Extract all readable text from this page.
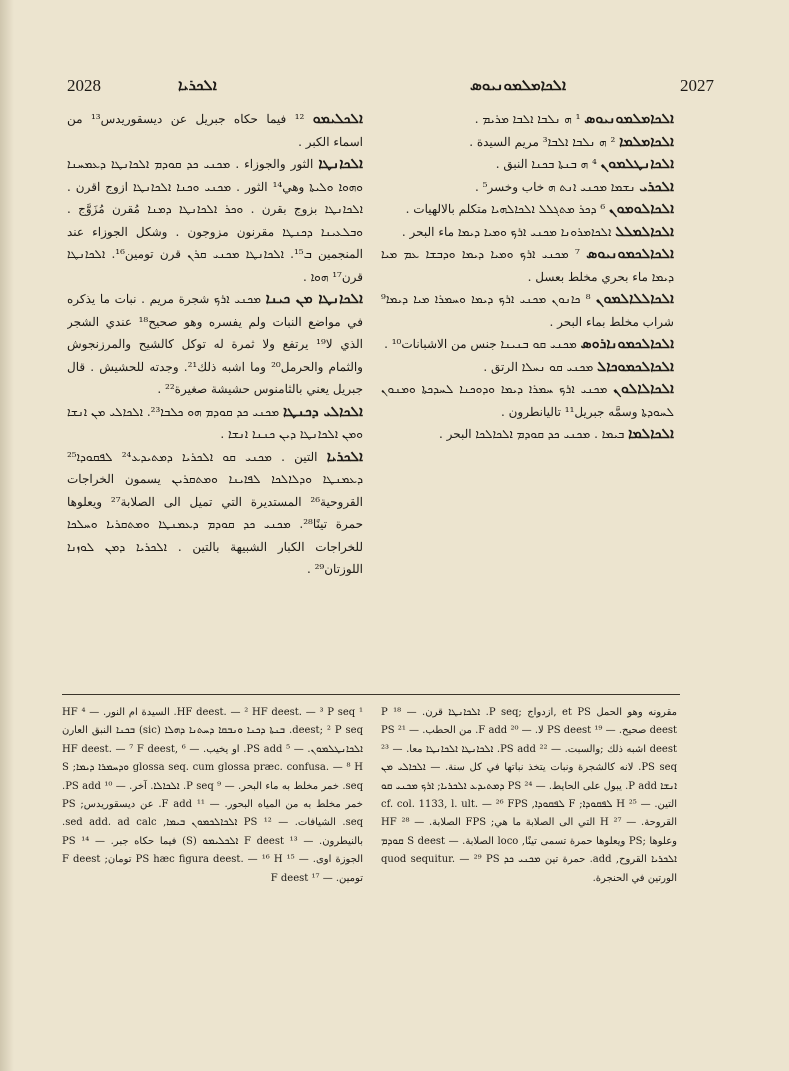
2028	ܐܠܟܪܝܐ	ܐܠܟܐܡܠܡܘܢܝܘܣ	2027

ܐܠܟܠܝܡܘ ¹² فيما حكاه جبريل عن ديسقوريدس¹³ من اسماء الكبر .

ܐܠܟܐܢܛܐ الثور والجوزاء . ܡܟܢܝ ܟܕ ܩܘܕܡ ܐܠܟܐܢܛܐ ܕܥܡܚܢܐ ܘܗܘܐ ܘܠܝܬܐ وهي¹⁴ الثور . ܡܟܢܝ ܘܟܢܐ ܐܠܟܐܢܛܐ ازوج اقرن . ܐܠܟܐܢܛܐ بزوج بقرن . ܘܟܪ ܐܠܟܐܢܛܐ ܕܡܢܐ مُقرن مُزَوَّج . ܘܒܠܥܝܢܐ ܕܟܢܛܐ مقرنون مزوجون . وشكل الجوزاء عند المنجمين ܒ¹⁵. ܐܠܟܐܢܛܐ ܡܟܢܝ ܩܪܢ قرن تومين¹⁶. ܐܠܟܐܢܛܐ قرن¹⁷ ܗܘܐ .

ܐܠܟܐܢܛܐ ܡܢ ܟܝܢܐ ܡܟܢܝ ܐܪܟ شجرة مريم . نبات ما يذكره في مواضع النبات ولم يفسره وهو صحيح¹⁸ عندي الشجر الذي لا¹⁹ يرتفع ولا ثمرة له توكل كالشيح والمرزنجوش والثمام والحرمل²⁰ وما اشبه ذلك²¹. وجدته للحشيش . قال جبريل يعني بالثامنوس حشيشة صغيرة²² .

ܐܠܟܐܠܝ ܕܟܢܛܐ ܡܟܢܝ ܟܕ ܩܘܕܡ ܗܘ ܟܠܒܐ²³. ܐܠܟܐܠܝ ܡܢ ܐܢܫܐ ܘܡܢ ܐܠܟܐܢܛܐ ܕܝܢ ܟܢܢܐ ܐܢܫܐ .

ܐܠܟܪܝܐ التين . ܡܟܢܝ ܩܘ ܐܠܟܪܝܐ ܕܡܬܝܕܥ²⁴ ܠܦܩܘܕܐ²⁵ ܕܥܡܢܛܐ ܘܕܠܐܠܟܐ ܠܦܐܝܢܐ ܘܡܬܩܪܝܢ يسمون الخراجات القروحية²⁶ المستديرة التي تميل الى الصلابة²⁷ ويعلوها حمرة تينًا²⁸. ܡܟܢܝ ܟܕ ܩܘܕܡ ܕܥܡܢܛܐ ܘܡܬܩܪܝܐ ܘܚܠܟܐ للخراجات الكبار الشبيهة بالتين . ܐܠܟܪܝܐ ܕܡܢ ܠܘܙܢܐ اللوزتان²⁹ .

ܐܠܟܐܡܠܡܘܢܝܘܣ ¹ ܗ ܢܠܒܐ ܐܠܒܐ ܡܪܝܡ .

ܐܠܟܐܡܠܡܐ ² ܗ ܢܠܒܐ ܐܠܒܐ³ مريم السيدة .

ܐܠܟܐܢܛܠܡܘܢ ⁴ ܗ ܒܢܬܐ ܒܟܢܐ النبق .

ܐܠܟܪܝ ܢܫܡܐ ܡܟܢܝ ܐܢܬ ܗ خاب وخسر⁵ .

ܐܠܟܐܠܘܡܘܢ ⁶ ܕܟܪ ܡܬܓܠܠ ܐܠܟܐܠܗܝܐ متكلم بالالهيات .

ܐܠܟܐܠܡܠܠ ܐܠܟܐܡܪܘܢܐ ܡܟܢܝ ܐܪܟ ܘܡܝܐ ܕܝܡܐ ماء البحر .

ܐܠܟܐܠܟܡܘܢܝܘܣ ⁷ ܡܟܢܝ ܐܪܟ ܘܡܝܐ ܕܝܡܐ ܘܕܒܫܐ ܥܡ ܡܝܐ ܕܝܡܐ ماء بحري مخلط بعسل .

ܐܠܟܐܠܠܐܠܡܘܢ ⁸ ܟܐܢܘܢ ܡܟܢܝ ܐܪܟ ܕܝܡܐ ܘܚܡܪܐ ܡܝܐ ܕܝܡܐ⁹ شراب مخلط بماء البحر .

ܐܠܟܐܠܟܡܘܢܐܪܘܣ ܡܟܢܝ ܩܘ ܒܢܝܢܐ جنس من الاشبانات¹⁰ .

ܐܠܟܐܠܟܡܘܟܐܠ ܡܟܢܝ ܩܘ ܢܚܠܐ الرتق .

ܐܠܟܐܠܐܠܘܢ ܡܟܢܝ ܐܪܟ ܚܡܪܐ ܕܝܡܐ ܘܕܘܟܢܐ ܠܚܕܟܬܐ ܘܡܢܘܢ ܠܚܘܕܬܐ وسمَّه جبريل¹¹ تاليانطرون .

ܐܠܟܐܠܡܐ ܒܝܡܐ . ܡܟܢܝ ܟܕ ܩܘܕܡ ܐܠܟܐܠܟܐ البحر .

¹ HF deest. — ² HF deest. — ³ P seq. السيدة ام النور. — ⁴ HF deest; ² P seq. ܒܢܬܐ ܕܟܢܐ ܘܢܒܩܐ ܕܚܬܢܐ ܕܗܠܐ (sic) ܒܟܢܐ النبق العارن ܐܠܟܐܢܛܠܡܘܢ. — ⁵ PS add. او يخيب. — ⁶ HF deest. — ⁷ F deest, glossa seq. cum glossa præc. confusa. — ⁸ H ܘܕܚܡܪܐ ܕܝܡܐ; S seq. خمر مخلط به ماء البحر. — ⁹ P seq. ܐܠܟܐܠܐ. آخر. — ¹⁰ PS add. خمر مخلط به من المياه البحور. — ¹¹ F add. عن ديسقوريدس; PS seq. الشيافات. — ¹² PS ܐܠܟܐܠܟܡܘܢ ܒܝܡܐ, sed add. ad calc. بالنيطرون. — ¹³ F deest ܐܠܟܠܝܡܘ (S) فيما حكاه جبر. — ¹⁴ PS الجوزة اوى. — ¹⁵ PS hæc figura deest. — ¹⁶ H تومان; F deest تومين. — ¹⁷ F deest

مقرونه وهو الحمل et PS ,ازدواج ;P seq. ܐܠܟܐܢܛܐ قرن. — ¹⁸ P deest صحيح. — ¹⁹ PS deest لا. — ²⁰ F add. من الحطب. — ²¹ PS deest اشبه ذلك ;والسبت. — ²² PS add. ܐܠܟܐܢܛܐ ܐܠܟܐܢܛܐ معا. — ²³ PS seq. لانه كالشجرة ونبات يتخذ نباتها في كل سنة. — ܐܠܟܐܠܝ ܡܢ ܐܢܫܐ P add. يبول على الحايط. — ²⁴ PS ܕܡܬܝܕܥ ܐܠܟܪܝܐ; ܐܪܟ ܡܟܢܝ ܩܘ التين. — ²⁵ H ܠܦܩܘܕܐ; F ܠܦܩܘܕܐ, cf. col. 1133, l. ult. — ²⁶ FPS القروحة. — ²⁷ H التي الى الصلابة ما هي; FPS الصلابة. — ²⁸ HF وعلوها ;PS ويعلوها حمرة تسمى تينًا, loco الصلابة. — S deest ܩܘܕܡ ܐܠܟܪܝܐ القروح, add. حمرة تين ܡܟܢܝ ܟܕ quod sequitur. — ²⁹ PS الورتين في الحنجرة.
